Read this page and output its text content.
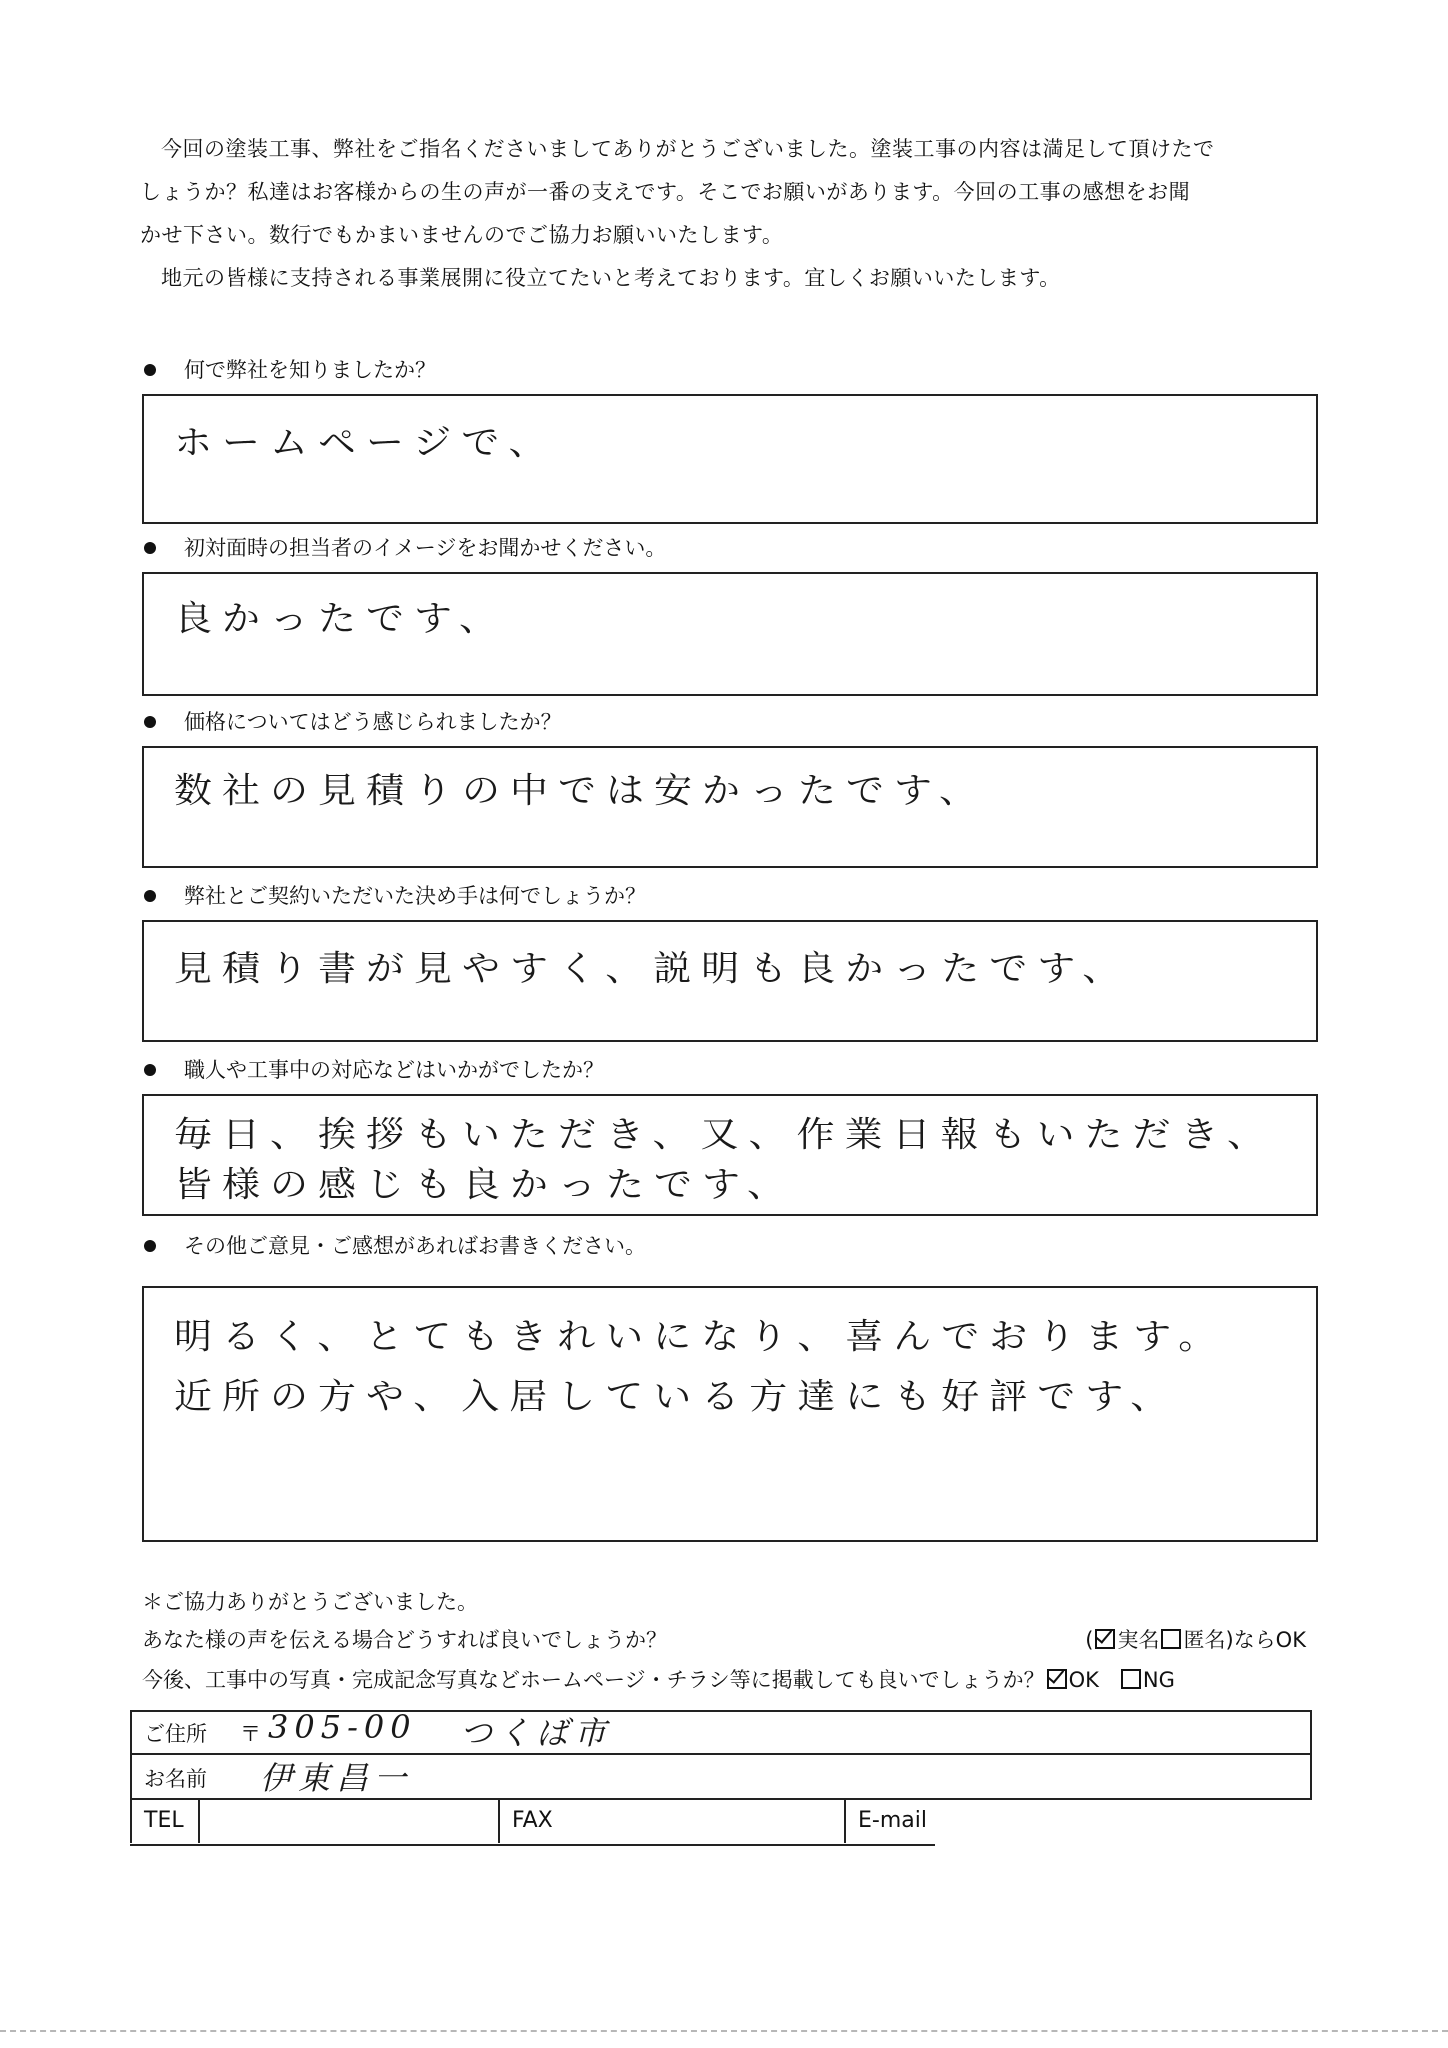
今回の塗装工事、弊社をご指名くださいましてありがとうございました。塗装工事の内容は満足して頂けたで

しょうか？私達はお客様からの生の声が一番の支えです。そこでお願いがあります。今回の工事の感想をお聞

かせ下さい。数行でもかまいませんのでご協力お願いいたします。

地元の皆様に支持される事業展開に役立てたいと考えております。宜しくお願いいたします。

何で弊社を知りましたか？
ホームページで、
初対面時の担当者のイメージをお聞かせください。
良かったです、
価格についてはどう感じられましたか？
数社の見積りの中では安かったです、
弊社とご契約いただいた決め手は何でしょうか？
見積り書が見やすく、説明も良かったです、
職人や工事中の対応などはいかがでしたか？
毎日、挨拶もいただき、又、作業日報もいただき、
皆様の感じも良かったです、
その他ご意見・ご感想があればお書きください。
明るく、とてもきれいになり、喜んでおります。
近所の方や、入居している方達にも好評です、
＊ご協力ありがとうございました。
あなた様の声を伝える場合どうすれば良いでしょうか？	( 実名 匿名)ならOK
今後、工事中の写真・完成記念写真などホームページ・チラシ等に掲載しても良いでしょうか？ OK NG
ご住所 〒 305-00 つくば市
お名前 伊東昌一
TEL	FAX	E-mail
